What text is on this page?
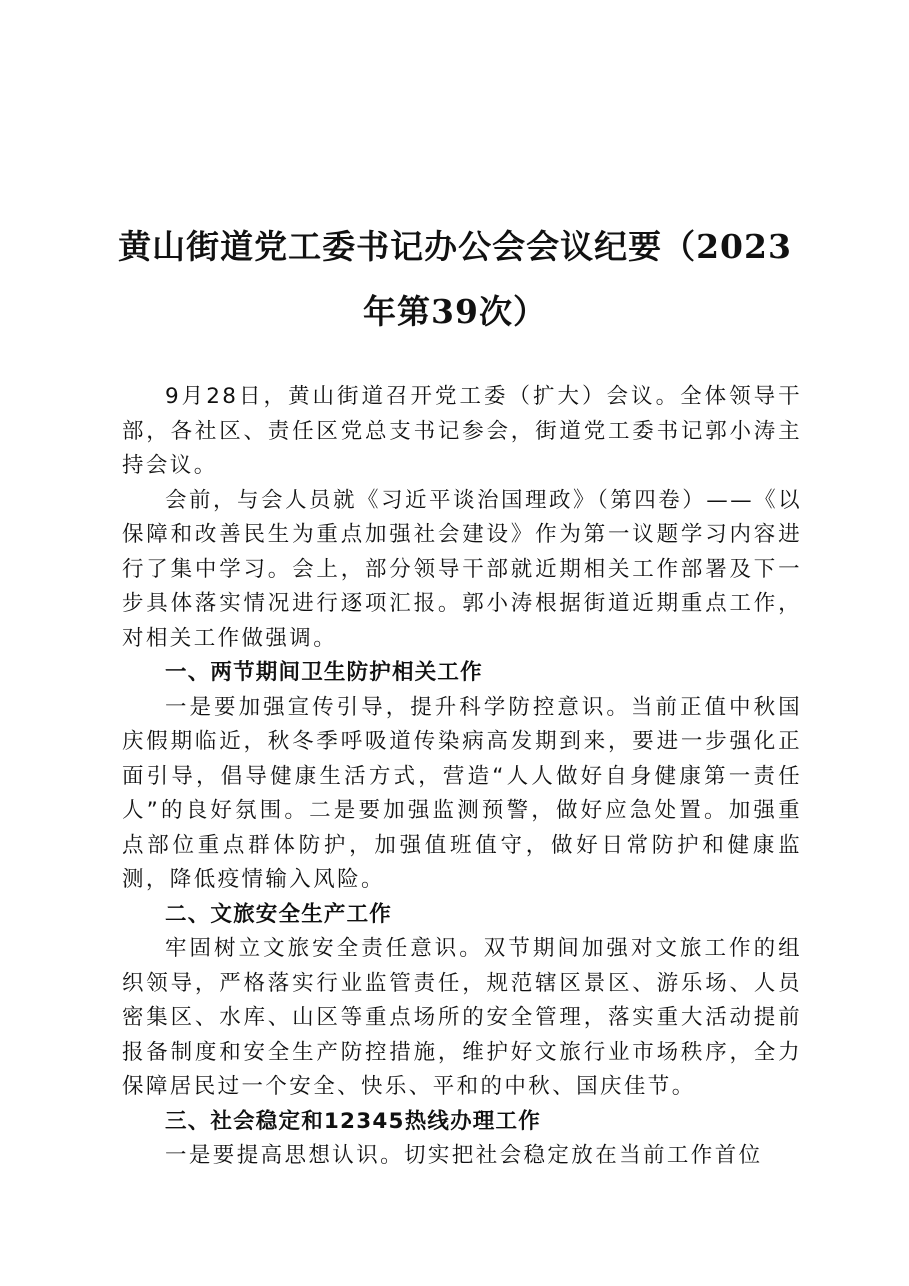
黄山街道党工委书记办公会会议纪要（2023
年第39次）

9月28日，黄山街道召开党工委（扩大）会议。全体领导干部，各社区、责任区党总支书记参会，街道党工委书记郭小涛主持会议。

会前，与会人员就《习近平谈治国理政》（第四卷）——《以保障和改善民生为重点加强社会建设》作为第一议题学习内容进行了集中学习。会上，部分领导干部就近期相关工作部署及下一步具体落实情况进行逐项汇报。郭小涛根据街道近期重点工作，对相关工作做强调。

一、两节期间卫生防护相关工作

一是要加强宣传引导，提升科学防控意识。当前正值中秋国庆假期临近，秋冬季呼吸道传染病高发期到来，要进一步强化正面引导，倡导健康生活方式，营造“人人做好自身健康第一责任人”的良好氛围。二是要加强监测预警，做好应急处置。加强重点部位重点群体防护，加强值班值守，做好日常防护和健康监测，降低疫情输入风险。

二、文旅安全生产工作

牢固树立文旅安全责任意识。双节期间加强对文旅工作的组织领导，严格落实行业监管责任，规范辖区景区、游乐场、人员密集区、水库、山区等重点场所的安全管理，落实重大活动提前报备制度和安全生产防控措施，维护好文旅行业市场秩序，全力保障居民过一个安全、快乐、平和的中秋、国庆佳节。

三、社会稳定和12345热线办理工作

一是要提高思想认识。切实把社会稳定放在当前工作首位
